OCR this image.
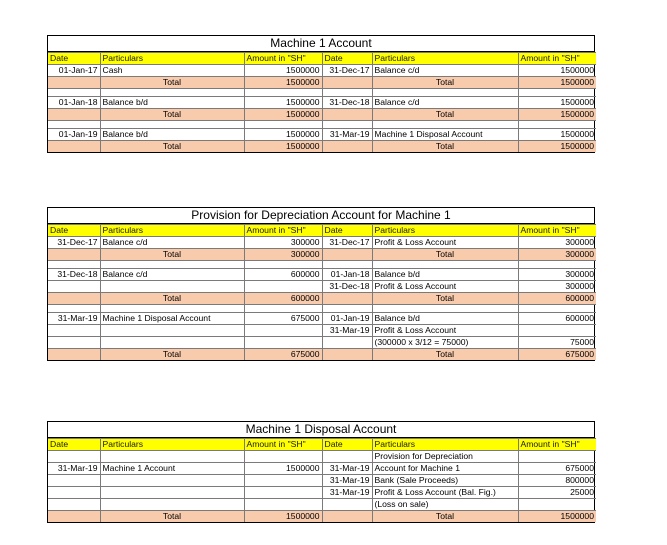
Machine 1 Account
Date	Particulars	Amount in "SH"	Date	Particulars	Amount in "SH"
01-Jan-17	Cash	1500000	31-Dec-17	Balance c/d	1500000
	Total	1500000		Total	1500000

01-Jan-18	Balance b/d	1500000	31-Dec-18	Balance c/d	1500000
	Total	1500000		Total	1500000

01-Jan-19	Balance b/d	1500000	31-Mar-19	Machine 1 Disposal Account	1500000
	Total	1500000		Total	1500000
Provision for Depreciation Account for Machine 1
Date	Particulars	Amount in "SH"	Date	Particulars	Amount in "SH"
31-Dec-17	Balance c/d	300000	31-Dec-17	Profit & Loss Account	300000
	Total	300000		Total	300000

31-Dec-18	Balance c/d	600000	01-Jan-18	Balance b/d	300000
			31-Dec-18	Profit & Loss Account	300000
	Total	600000		Total	600000

31-Mar-19	Machine 1 Disposal Account	675000	01-Jan-19	Balance b/d	600000
			31-Mar-19	Profit & Loss Account	
				(300000 x 3/12 = 75000)	75000
	Total	675000		Total	675000
Machine 1 Disposal Account
Date	Particulars	Amount in "SH"	Date	Particulars	Amount in "SH"
				Provision for Depreciation	
31-Mar-19	Machine 1 Account	1500000	31-Mar-19	Account for Machine 1	675000
			31-Mar-19	Bank (Sale Proceeds)	800000
			31-Mar-19	Profit & Loss Account (Bal. Fig.)	25000
				(Loss on sale)	
	Total	1500000		Total	1500000
